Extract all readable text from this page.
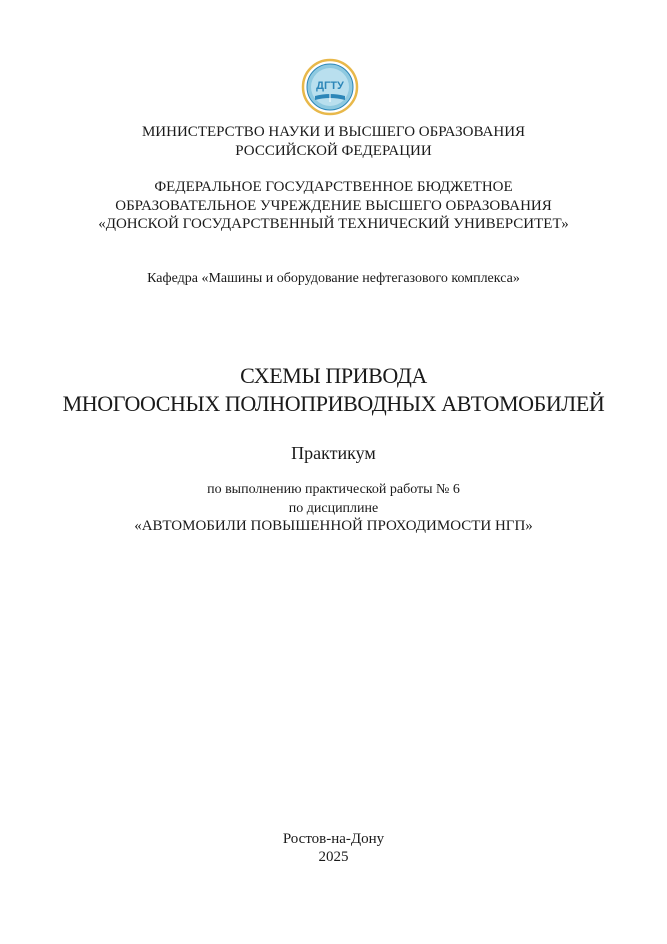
ДГТУ
МИНИСТЕРСТВО НАУКИ И ВЫСШЕГО ОБРАЗОВАНИЯ
РОССИЙСКОЙ ФЕДЕРАЦИИ
ФЕДЕРАЛЬНОЕ ГОСУДАРСТВЕННОЕ БЮДЖЕТНОЕ
ОБРАЗОВАТЕЛЬНОЕ УЧРЕЖДЕНИЕ ВЫСШЕГО ОБРАЗОВАНИЯ
«ДОНСКОЙ ГОСУДАРСТВЕННЫЙ ТЕХНИЧЕСКИЙ УНИВЕРСИТЕТ»
Кафедра «Машины и оборудование нефтегазового комплекса»
СХЕМЫ ПРИВОДА
МНОГООСНЫХ ПОЛНОПРИВОДНЫХ АВТОМОБИЛЕЙ
Практикум
по выполнению практической работы № 6
по дисциплине
«АВТОМОБИЛИ ПОВЫШЕННОЙ ПРОХОДИМОСТИ НГП»
Ростов-на-Дону
2025
